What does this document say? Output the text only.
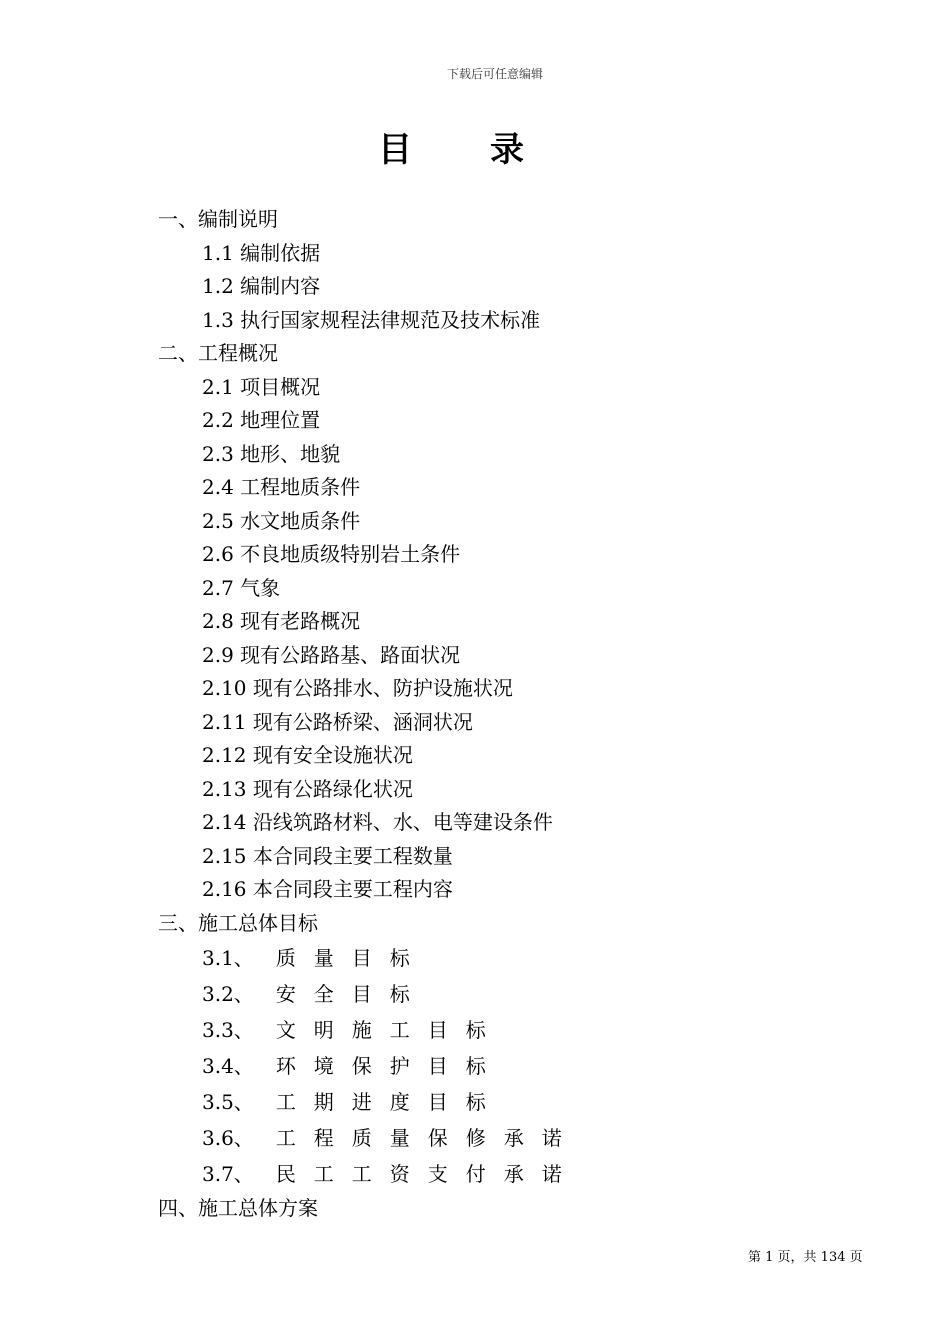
下载后可任意编辑
目录
一、编制说明
1.1 编制依据
1.2 编制内容
1.3 执行国家规程法律规范及技术标准
二、工程概况
2.1 项目概况
2.2 地理位置
2.3 地形、地貌
2.4 工程地质条件
2.5 水文地质条件
2.6 不良地质级特别岩土条件
2.7 气象
2.8 现有老路概况
2.9 现有公路路基、路面状况
2.10 现有公路排水、防护设施状况
2.11 现有公路桥梁、涵洞状况
2.12 现有安全设施状况
2.13 现有公路绿化状况
2.14 沿线筑路材料、水、电等建设条件
2.15 本合同段主要工程数量
2.16 本合同段主要工程内容
三、施工总体目标
3.1、 质量目标
3.2、 安全目标
3.3、 文明施工目标
3.4、 环境保护目标
3.5、 工期进度目标
3.6、 工程质量保修承诺
3.7、 民工工资支付承诺
四、施工总体方案
第 1 页，共 134 页
